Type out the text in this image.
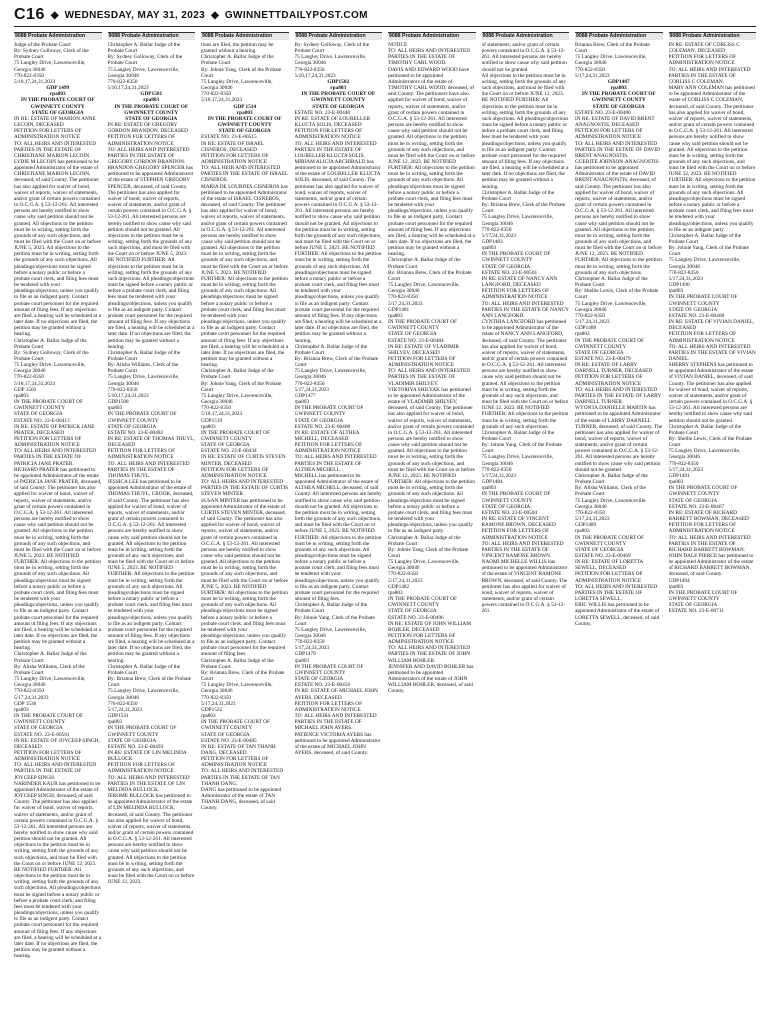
C16 ◆ WEDNESDAY, MAY 31, 2023 ◆ GWINNETTDAILYPOST.COM
9088 Probate Administration
Judge of the Probate Court
By: Sydney Golloway, Clerk of the Probate Court
75 Langley Drive, Lawrenceville, Georgia 30046
770-822-8350
5/10,17,24,31,2023
GDP 1499
rpa803
IN THE PROBATE COURT OF GWINNETT COUNTY
STATE OF GEORGIA
IN RE: ESTATE OF MARION ANNE LECOIN, DECEASED
PETITION FOR LETTERS OF ADMINISTRATION NOTICE
TO: ALL HEIRS AND INTERESTED PARTIES IN THE ESTATE OF CHRISTIANE MARION LECOIN.
LYDIE M LECOIN has petitioned to be appointed Administrator of the estate of CHRISTIANE MARION LECOIN, deceased, of said County. The petitioner has also applied for waiver of bond, waiver of reports, waiver of statements, and/or grant of certain powers contained in O.C.G.A. § 53-12-261. All interested persons are hereby notified to show cause why said petition should not be granted. All objections to the petition must be in writing, setting forth the grounds of any such objections, and must be filed with the Court on or before JUNE 5, 2023. All objections to the petition must be in writing, setting forth the grounds of any such objections. All pleadings/objections must be signed before a notary public or before a probate court clerk, and filing fees must be tendered with your pleadings/objections, unless you qualify to file as an indigent party. Contact probate court personnel for the required amount of filing fees. If any objections are filed, a hearing will be scheduled at a later date. If no objections are filed, the petition may be granted without a hearing.
Christopher A. Ballar Judge of the Probate Court
By: Sydney Golloway, Clerk of the Probate Court
75 Langley Drive, Lawrenceville, Georgia 30046
770-822-8350
5/10,17,24,31,2023
GDP 1503
rpa803
IN THE PROBATE COURT OF GWINNETT COUNTY
STATE OF GEORGIA
ESTATE NO. 23-E-00413
IN RE: ESTATE OF PATRICK JANE PRATER, DECEASED
PETITION FOR LETTERS OF ADMINISTRATION NOTICE
TO: ALL HEIRS AND INTERESTED PARTIES IN THE ESTATE OF PATRICIA JANE PRATER.
RICHARD PRATER has petitioned to be appointed Administrator of the estate of PATRICIA JANE PRATER, deceased, of said County. The petitioner has also applied for waiver of bond, waiver of reports, waiver of statements, and/or grant of certain powers contained in O.C.G.A. § 53-12-261. All interested persons are hereby notified to show cause why said petition should not be granted. All objections to the petition must be in writing, setting forth the grounds of any such objections, and must be filed with the Court on or before JUNE 5, 2023. BE NOTIFIED FURTHER: All objections to the petition must be in writing, setting forth the grounds of any such objections. All pleadings/objections must be signed before a notary public or before a probate court clerk, and filing fees must be tendered with your pleadings/objections, unless you qualify to file as an indigent party. Contact probate court personnel for the required amount of filing fees. If any objections are filed, a hearing will be scheduled at a later date. If no objections are filed, the petition may be granted without a hearing.
Christopher A. Ballar Judge of the Probate Court
By: Alisha Williams, Clerk of the Probate Court
75 Langley Drive, Lawrenceville, Georgia 30046
770-822-8350
5/17,24,31,2023
GDP 1530
rpa803
IN THE PROBATE COURT OF GWINNETT COUNTY
STATE OF GEORGIA
ESTATE NO. 23-E-00501
IN RE: ESTATE OF JOYCEEP SINGH, DECEASED
PETITION FOR LETTERS OF ADMINISTRATION NOTICE
TO: ALL HEIRS AND INTERESTED PARTIES IN THE ESTATE OF JOYCEEP SINGH.
NARINDER KAUR has petitioned to be appointed Administrator of the estate of JOYCEEP SINGH, deceased, of said County. The petitioner has also applied for waiver of bond, waiver of reports, waiver of statements, and/or grant of certain powers contained in O.C.G.A. § 53-12-261. All interested persons are hereby notified to show cause why said petition should not be granted. All objections to the petition must be in writing, setting forth the grounds of any such objections, and must be filed with the Court on or before JUNE 12, 2023. BE NOTIFIED FURTHER: All objections to the petition must be in writing, setting forth the grounds of any such objections. All pleadings/objections must be signed before a notary public or before a probate court clerk, and filing fees must be tendered with your pleadings/objections, unless you qualify to file as an indigent party. Contact probate court personnel for the required amount of filing fees. If any objections are filed, a hearing will be scheduled at a later date. If no objections are filed, the petition may be granted without a hearing.
9088 Probate Administration
Christopher A. Ballar Judge of the Probate Court
By: Sydney Golloway, Clerk of the Probate Court
75 Langley Drive, Lawrenceville, Georgia 30046
770-822-8350
5/10,17,24,31,2023
GDP1501
rpa803
IN THE PROBATE COURT OF GWINNETT COUNTY
STATE OF GEORGIA
IN RE: ESTATE OF GREGORY GORDON BRANDON, DECEASED
PETITION FOR LETTERS OF ADMINISTRATION NOTICE
TO: ALL HEIRS AND INTERESTED PARTIES IN THE ESTATE OF GREGORY GORDON BRANDON.
BRANDON GREGORY SPENCER has petitioned to be appointed Administrator of the estate of STEPHEN GREGORY SPENCER, deceased, of said County. The petitioner has also applied for waiver of bond, waiver of reports, waiver of statements, and/or grant of certain powers contained in O.C.G.A. § 53-12-261. All interested persons are hereby notified to show cause why said petition should not be granted. All objections to the petition must be in writing, setting forth the grounds of any such objections, and must be filed with the Court on or before JUNE 5, 2023. BE NOTIFIED FURTHER: All objections to the petition must be in writing, setting forth the grounds of any such objections. All pleadings/objections must be signed before a notary public or before a probate court clerk, and filing fees must be tendered with your pleadings/objections, unless you qualify to file as an indigent party. Contact probate court personnel for the required amount of filing fees. If any objections are filed, a hearing will be scheduled at a later date. If no objections are filed, the petition may be granted without a hearing.
Christopher A. Ballar Judge of the Probate Court
By: Alisha Williams, Clerk of the Probate Court
75 Langley Drive, Lawrenceville, Georgia 30046
770-822-8350
5/10,17,24,31,2023
GDP1508
rpa803
IN THE PROBATE COURT OF GWINNETT COUNTY
STATE OF GEORGIA
ESTATE NO. 23-E-00482
IN RE: ESTATE OF THOMAS THUYL, DECEASED
PETITION FOR LETTERS OF ADMINISTRATION NOTICE
TO: ALL HEIRS AND INTERESTED PARTIES IN THE ESTATE OF THOMAS THUYL.
JESSICA LEE has petitioned to be appointed Administrator of the estate of THOMAS THUYL, CROOK, deceased, of said County. The petitioner has also applied for waiver of bond, waiver of reports, waiver of statements, and/or grant of certain powers contained in O.C.G.A. § 53-12-261. All interested persons are hereby notified to show cause why said petition should not be granted. All objections to the petition must be in writing, setting forth the grounds of any such objections, and must be filed with the Court on or before JUNE 5, 2023. BE NOTIFIED FURTHER: All objections to the petition must be in writing, setting forth the grounds of any such objections. All pleadings/objections must be signed before a notary public or before a probate court clerk, and filing fees must be tendered with your pleadings/objections, unless you qualify to file as an indigent party. Contact probate court personnel for the required amount of filing fees. If any objections are filed, a hearing will be scheduled at a later date. If no objections are filed, the petition may be granted without a hearing.
Christopher A. Ballar Judge of the Probate Court
By: Brianna Brew, Clerk of the Probate Court
75 Langley Drive, Lawrenceville, Georgia 30046
770-822-8350
5/17,24,31,2023
GDP1531
rpa803
IN THE PROBATE COURT OF GWINNETT COUNTY
STATE OF GEORGIA
ESTATE NO. 23-E-00493
IN RE: ESTATE OF LIN MELINDA BULLOCK
PETITION FOR LETTERS OF ADMINISTRATION NOTICE
TO: ALL HEIRS AND INTERESTED PARTIES IN THE ESTATE OF LIN MELINDA BULLOCK.
JEROME BULLOCK has petitioned to be appointed Administrator of the estate of LIN MELINDA BULLOCK, deceased, of said County. The petitioner has also applied for waiver of bond, waiver of reports, waiver of statements, and/or grant of certain powers contained in O.C.G.A. § 53-12-261. All interested persons are hereby notified to show cause why said petition should not be granted. All objections to the petition must be in writing, setting forth the grounds of any such objections, and must be filed with the Court on or before JUNE 12, 2023.
9088 Probate Administration
tions are filed, the petition may be granted without a hearing.
Christopher A. Ballar Judge of the Probate Court
By: Johnie Yang, Clerk of the Probate Court
75 Langley Drive, Lawrenceville, Georgia 30046
770-822-8350
5/10,17,24,31,2023
GDP 1514
rpa803
IN THE PROBATE COURT OF GWINNETT COUNTY
STATE OF GEORGIA
ESTATE NO. 23-E-00515
IN RE: ESTATE OF ISRAEL CISNEROS, DECEASED
PETITION FOR LETTERS OF ADMINISTRATION NOTICE
TO: ALL HEIR AND INTERESTED PARTIES IN THE ESTATE OF ISRAEL CISNEROS.
MARIA DE LOURDES CISNEROS has petitioned to be appointed Administrator of the estate of ISRAEL CISNEROS, deceased, of said County. The petitioner has also applied for waiver of bond, waiver of reports, waiver of statements, and/or grant of certain powers contained in O.C.G.A. § 53-12-261. All interested persons are hereby notified to show cause why said petition should not be granted. All objections to the petition must be in writing, setting forth the grounds of any such objections, and must be filed with the Court on or before JUNE 5, 2023. BE NOTIFIED FURTHER: All objections to the petition must be in writing, setting forth the grounds of any such objections. All pleadings/objections must be signed before a notary public or before a probate court clerk, and filing fees must be tendered with your pleadings/objections, unless you qualify to file as an indigent party. Contact probate court personnel for the required amount of filing fees. If any objections are filed, a hearing will be scheduled at a later date. If no objections are filed, the petition may be granted without a hearing.
Christopher A. Ballar Judge of the Probate Court
By: Johnie Yang, Clerk of the Probate Court
75 Langley Drive, Lawrenceville, Georgia 30046
770-822-8350
5/10,17,24,31,2023
GDP1519
rpa803
IN THE PROBATE COURT OF GWINNETT COUNTY
STATE OF GEORGIA
ESTATE NO. 23-E-00434
IN RE: ESTATE OF CURTIS STEVEN MINTER, DECEASED
PETITION FOR LETTERS OF ADMINISTRATION NOTICE
TO: ALL HEIRS AND INTERESTED PARTIES IN THE ESTATE OF CURTIS STEVEN MINTER.
SUSAN MINTER has petitioned to be appointed Administrator of the estate of CURTIS STEVEN MINTER, deceased, of said County. The petitioner has also applied for waiver of bond, waiver of reports, waiver of statements, and/or grant of certain powers contained in O.C.G.A. § 53-12-261. All interested persons are hereby notified to show cause why said petition should not be granted. All objections to the petition must be in writing, setting forth the grounds of any such objections, and must be filed with the Court on or before JUNE 5, 2023. BE NOTIFIED FURTHER: All objections to the petition must be in writing, setting forth the grounds of any such objections. All pleadings/objections must be signed before a notary public or before a probate court clerk, and filing fees must be tendered with your pleadings/objections, unless you qualify to file as an indigent party. Contact probate court personnel for the required amount of filing fees.
Christopher A. Ballar Judge of the Probate Court
By: Brianna Brew, Clerk of the Probate Court
75 Langley Drive, Lawrenceville, Georgia 30046
770-822-8350
5/17,24,31,2023
GDP1522
rpa803
IN THE PROBATE COURT OF GWINNETT COUNTY
STATE OF GEORGIA
ESTATE NO. 23-E-00485
IN RE: ESTATE OF TAN THANH DANG, DECEASED
PETITION FOR LETTERS OF ADMINISTRATION NOTICE
TO: ALL HEIRS AND INTERESTED PARTIES IN THE ESTATE OF TAN THANH DANG.
DANG has petitioned to be appointed Administrator of the estate of TAN THANH DANG, deceased, of said County.
9088 Probate Administration
By: Sydney Golloway, Clerk of the Probate Court
75 Langley Drive, Lawrenceville, Georgia 30046
770-822-8350
5/10,17,24,31,2023
GDP1502
rpa803
IN THE PROBATE COURT OF GWINNETT COUNTY
STATE OF GEORGIA
ESTATE NO. 23-E-00440
IN RE: ESTATE OF LOURELLER KLUCTA SOLIS, DECEASED
PETITION FOR LETTERS OF ADMINISTRATION NOTICE
TO: ALL HEIRS AND INTERESTED PARTIES IN THE ESTATE OF LOURELLER KLUCTA SOLIS.
MIRIAM ALICIA ARCHIBALD has petitioned to be appointed Administrator of the estate of LOURELLER KLUCTA SOLIS, deceased, of said County. The petitioner has also applied for waiver of bond, waiver of reports, waiver of statements, and/or grant of certain powers contained in O.C.G.A. § 53-12-261. All interested persons are hereby notified to show cause why said petition should not be granted. All objections to the petition must be in writing, setting forth the grounds of any such objections, and must be filed with the Court on or before JUNE 5, 2023. BE NOTIFIED FURTHER: All objections to the petition must be in writing, setting forth the grounds of any such objections. All pleadings/objections must be signed before a notary public or before a probate court clerk, and filing fees must be tendered with your pleadings/objections, unless you qualify to file as an indigent party. Contact probate court personnel for the required amount of filing fees. If any objections are filed, a hearing will be scheduled at a later date. If no objections are filed, the petition may be granted without a hearing.
Christopher A. Ballar Judge of the Probate Court
By: Brianna Brew, Clerk of the Probate Court
75 Langley Drive, Lawrenceville, Georgia 30046
770-822-8350
5/17,24,31,2023
GDP1477
rpa803
IN THE PROBATE COURT OF GWINNETT COUNTY
STATE OF GEORGIA
ESTATE NO. 23-E-00408
IN RE: ESTATE OF ALTHEA MICHELL, DECEASED
PETITION FOR LETTERS OF ADMINISTRATION NOTICE
TO: ALL HEIRS AND INTERESTED PARTIES IN THE ESTATE OF ALTHEA MICHELL.
MICHELL has petitioned to be appointed Administrator of the estate of ALTHEA MICHELL, deceased, of said County. All interested persons are hereby notified to show cause why said petition should not be granted. All objections to the petition must be in writing, setting forth the grounds of any such objections, and must be filed with the Court on or before JUNE 5, 2023. BE NOTIFIED FURTHER: All objections to the petition must be in writing, setting forth the grounds of any such objections. All pleadings/objections must be signed before a notary public or before a probate court clerk, and filing fees must be tendered with your pleadings/objections, unless you qualify to file as an indigent party. Contact probate court personnel for the required amount of filing fees.
Christopher A. Ballar Judge of the Probate Court
By: Johnie Yang, Clerk of the Probate Court
75 Langley Drive, Lawrenceville, Georgia 30046
770-822-8350
5/17,24,31,2023
GDP1479
rpa803
IN THE PROBATE COURT OF GWINNETT COUNTY
STATE OF GEORGIA
ESTATE NO. 23-E-00456
IN RE: ESTATE OF MICHAEL JOHN AYERS, DECEASED
PETITION FOR LETTERS OF ADMINISTRATION NOTICE
TO: ALL HEIRS AND INTERESTED PARTIES IN THE ESTATE OF MICHAEL JOHN AYERS.
PATIENCE VICTORIA AYERS has petitioned to be appointed Administrator of the estate of MICHAEL JOHN AYERS, deceased, of said County.
9088 Probate Administration
NOTICE
TO: ALL HEIRS AND INTERESTED PARTIES IN THE ESTATE OF TIMOTHY CARL WOOD.
DAVIS AND EDWARD WOOD have petitioned to be appointed Administrators of the estate of TIMOTHY CARL WOOD, deceased, of said County. The petitioners have also applied for waiver of bond, waiver of reports, waiver of statements, and/or grant of certain powers contained in O.C.G.A. § 53-12-261. All interested persons are hereby notified to show cause why said petition should not be granted. All objections to the petition must be in writing, setting forth the grounds of any such objections, and must be filed with the Court on or before JUNE 12, 2023. BE NOTIFIED FURTHER: All objections to the petition must be in writing, setting forth the grounds of any such objections. All pleadings/objections must be signed before a notary public or before a probate court clerk, and filing fees must be tendered with your pleadings/objections, unless you qualify to file as an indigent party. Contact probate court personnel for the required amount of filing fees. If any objections are filed, a hearing will be scheduled at a later date. If no objections are filed, the petition may be granted without a hearing.
Christopher A. Ballar Judge of the Probate Court
By: Brianna Brew, Clerk of the Probate Court
75 Langley Drive, Lawrenceville, Georgia 30046
770-822-8350
5/17,24,31,2023
GDP1481
rpa803
IN THE PROBATE COURT OF GWINNETT COUNTY
STATE OF GEORGIA
ESTATE NO. 23-E-00484
IN RE: ESTATE OF VLADIMIR SHILYEV, DECEASED
PETITION FOR LETTERS OF ADMINISTRATION NOTICE
TO: ALL HEIRS AND INTERESTED PARTIES IN THE ESTATE OF VLADIMIR SHILYEV.
VIKTORIYA SHILYAK has petitioned to be appointed Administrator of the estate of VLADIMIR SHILYEV, deceased, of said County. The petitioner has also applied for waiver of bond, waiver of reports, waiver of statements, and/or grant of certain powers contained in O.C.G.A. § 53-12-261. All interested persons are hereby notified to show cause why said petition should not be granted. All objections to the petition must be in writing, setting forth the grounds of any such objections, and must be filed with the Court on or before JUNE 12, 2023. BE NOTIFIED FURTHER: All objections to the petition must be in writing, setting forth the grounds of any such objections. All pleadings/objections must be signed before a notary public or before a probate court clerk, and filing fees must be tendered with your pleadings/objections, unless you qualify to file as an indigent party.
Christopher A. Ballar Judge of the Probate Court
By: Johnie Yang, Clerk of the Probate Court
75 Langley Drive, Lawrenceville, Georgia 30046
770-822-8350
5/17,24,31,2023
GDP1482
rpa803
IN THE PROBATE COURT OF GWINNETT COUNTY
STATE OF GEORGIA
ESTATE NO. 23-E-00496
IN RE: ESTATE OF JOHN WILLIAM BOHLER, DECEASED
PETITION FOR LETTERS OF ADMINISTRATION NOTICE
TO: ALL HEIRS AND INTERESTED PARTIES IN THE ESTATE OF JOHN WILLIAM BOHLER.
JENNIFER AND DAVID BOHLER has petitioned to be appointed Administrators of the estate of JOHN WILLIAM BOHLER, deceased, of said County.
9088 Probate Administration
of statements, and/or grant of certain powers contained in O.C.G.A. § 53-12-261. All interested persons are hereby notified to show cause why said petition should not be granted.
All objections to the petition must be in writing, setting forth the grounds of any such objections, and must be filed with the Court on or before JUNE 12, 2023. BE NOTIFIED FURTHER: All objections to the petition must be in writing, setting forth the grounds of any such objections. All pleadings/objections must be signed before a notary public or before a probate court clerk, and filing fees must be tendered with your pleadings/objections, unless you qualify to file as an indigent party. Contact probate court personnel for the required amount of filing fees. If any objections are filed, a hearing will be scheduled at a later date. If no objections are filed, the petition may be granted without a hearing.
Christopher A. Ballar Judge of the Probate Court
By: Brianna Brew, Clerk of the Probate Court
75 Langley Drive, Lawrenceville, Georgia 30046
770-822-8350
5/17,24,31,2023
GDP1483
rpa803
IN THE PROBATE COURT OF GWINNETT COUNTY
STATE OF GEORGIA
ESTATE NO. 23-E-00501
IN RE: ESTATE OF NANCY ANN LANGFORD, DECEASED
PETITION FOR LETTERS OF ADMINISTRATION NOTICE
TO: ALL HEIRS AND INTERESTED PARTIES IN THE ESTATE OF NANCY ANN LANGFORD.
CYNTHIA LANGFORD has petitioned to be appointed Administrator of the estate of NANCY ANN LANGFORD, deceased, of said County. The petitioner has also applied for waiver of bond, waiver of reports, waiver of statements, and/or grant of certain powers contained in O.C.G.A. § 53-12-261. All interested persons are hereby notified to show cause why said petition should not be granted. All objections to the petition must be in writing, setting forth the grounds of any such objections, and must be filed with the Court on or before JUNE 12, 2023. BE NOTIFIED FURTHER: All objections to the petition must be in writing, setting forth the grounds of any such objections.
Christopher A. Ballar Judge of the Probate Court
By: Johnie Yang, Clerk of the Probate Court
75 Langley Drive, Lawrenceville, Georgia 30046
770-822-8350
5/17,24,31,2023
GDP1484
rpa803
IN THE PROBATE COURT OF GWINNETT COUNTY
STATE OF GEORGIA
ESTATE NO. 23-E-00504
IN RE: ESTATE OF VINCENT RAMONE BROWN, DECEASED
PETITION FOR LETTERS OF ADMINISTRATION NOTICE
TO: ALL HEIRS AND INTERESTED PARTIES IN THE ESTATE OF VINCENT RAMONE BROWN.
NAOMI MICHELLE WILLIS has petitioned to be appointed Administrator of the estate of VINCENT RAMONE BROWN, deceased, of said County. The petitioner has also applied for waiver of bond, waiver of reports, waiver of statements, and/or grant of certain powers contained in O.C.G.A. § 53-12-261.
9088 Probate Administration
Brianna Brew, Clerk of the Probate Court
75 Langley Drive, Lawrenceville, Georgia 30046
770-822-8350
5/17,24,31,2023
GDP1487
rpa803
IN THE PROBATE COURT OF GWINNETT COUNTY
STATE OF GEORGIA
ESTATE NO. 23-E-00480
IN RE: ESTATE OF DAVID BRENT ANAGNOSTIS, DECEASED
PETITION FOR LETTERS OF ADMINISTRATION NOTICE
TO: ALL HEIRS AND INTERESTED PARTIES IN THE ESTATE OF DAVID BRENT ANAGNOSTIS.
GUERITE JOHNSON-ANAGNOSTIS has petitioned to be appointed Administrator of the estate of DAVID BRENT ANAGNOSTIS, deceased, of said County. The petitioner has also applied for waiver of bond, waiver of reports, waiver of statements, and/or grant of certain powers contained in O.C.G.A. § 53-12-261. All interested persons are hereby notified to show cause why said petition should not be granted. All objections to the petition must be in writing, setting forth the grounds of any such objections, and must be filed with the Court on or before JUNE 12, 2023. BE NOTIFIED FURTHER: All objections to the petition must be in writing, setting forth the grounds of any such objections.
Christopher A. Ballar Judge of the Probate Court
By: Shellie Lewis, Clerk of the Probate Court
75 Langley Drive, Lawrenceville, Georgia 30046
770-822-8350
5/17,24,31,2023
GDP1488
rpa803
IN THE PROBATE COURT OF GWINNETT COUNTY
STATE OF GEORGIA
ESTATE NO. 23-E-00479
IN RE: ESTATE OF LARRY DARNELL TURNER, DECEASED
PETITION FOR LETTERS OF ADMINISTRATION NOTICE
TO: ALL HEIRS AND INTERESTED PARTIES IN THE ESTATE OF LARRY DARNELL TURNER.
WYONTA DANIELLE MARTIN has petitioned to be appointed Administrator of the estate of LARRY DARNELL TURNER, deceased, of said County. The petitioner has also applied for waiver of bond, waiver of reports, waiver of statements, and/or grant of certain powers contained in O.C.G.A. § 53-12-261. All interested persons are hereby notified to show cause why said petition should not be granted.
Christopher A. Ballar Judge of the Probate Court
By: Alisha Williams, Clerk of the Probate Court
75 Langley Drive, Lawrenceville, Georgia 30046
770-822-8350
5/17,24,31,2023
GDP1489
rpa803
IN THE PROBATE COURT OF GWINNETT COUNTY
STATE OF GEORGIA
ESTATE NO. 23-E-00469
IN RE: ESTATE OF LORETTA SEWELL, DECEASED
PETITION FOR LETTERS OF ADMINISTRATION NOTICE
TO: ALL HEIRS AND INTERESTED PARTIES IN THE ESTATE OF LORETTA SEWELL.
ERIC WILLIS has petitioned to be appointed Administrator of the estate of LORETTA SEWELL, deceased, of said County.
9088 Probate Administration
IN RE: ESTATE OF CORLISS C COLEMAN, DECEASED
PETITION FOR LETTERS OF ADMINISTRATION NOTICE
TO: ALL HEIRS AND INTERESTED PARTIES IN THE ESTATE OF CORLISS C COLEMAN.
MARY ANN COLEMAN has petitioned to be appointed Administrator of the estate of CORLISS C COLEMAN, deceased, of said County. The petitioner has also applied for waiver of bond, waiver of reports, waiver of statements, and/or grant of certain powers contained in O.C.G.A. § 53-12-261. All interested persons are hereby notified to show cause why said petition should not be granted. All objections to the petition must be in writing, setting forth the grounds of any such objections, and must be filed with the Court on or before JUNE 12, 2023. BE NOTIFIED FURTHER: All objections to the petition must be in writing, setting forth the grounds of any such objections. All pleadings/objections must be signed before a notary public or before a probate court clerk, and filing fees must be tendered with your pleadings/objections, unless you qualify to file as an indigent party.
Christopher A. Ballar Judge of the Probate Court
By: Johnie Yang, Clerk of the Probate Court
75 Langley Drive, Lawrenceville, Georgia 30046
770-822-8350
5/17,24,31,2023
GDP1490
rpa803
IN THE PROBATE COURT OF GWINNETT COUNTY
STATE OF GEORGIA
ESTATE NO. 23-E-00468
IN RE: ESTATE OF VIVIAN DANIEL, DECEASED
PETITION FOR LETTERS OF ADMINISTRATION NOTICE
TO: ALL HEIRS AND INTERESTED PARTIES IN THE ESTATE OF VIVIAN DANIEL.
SHERRY STEPHENS has petitioned to be appointed Administrator of the estate of VIVIAN DANIEL, deceased, of said County. The petitioner has also applied for waiver of bond, waiver of reports, waiver of statements, and/or grant of certain powers contained in O.C.G.A. § 53-12-261. All interested persons are hereby notified to show cause why said petition should not be granted.
Christopher A. Ballar Judge of the Probate Court
By: Shellie Lewis, Clerk of the Probate Court
75 Langley Drive, Lawrenceville, Georgia 30046
770-822-8350
5/17,24,31,2023
GDP1491
rpa803
IN THE PROBATE COURT OF GWINNETT COUNTY
STATE OF GEORGIA
ESTATE NO. 23-E-00467
IN RE: ESTATE OF RICHARD BARRETT BOWMAN, DECEASED
PETITION FOR LETTERS OF ADMINISTRATION NOTICE
TO: ALL HEIRS AND INTERESTED PARTIES IN THE ESTATE OF RICHARD BARRETT BOWMAN.
JOHN DALE PIERCE has petitioned to be appointed Administrator of the estate of RICHARD BARRETT BOWMAN, deceased, of said County.
GDP1494
rpa803
IN THE PROBATE COURT OF GWINNETT COUNTY
STATE OF GEORGIA
ESTATE NO. 23-E-00711
